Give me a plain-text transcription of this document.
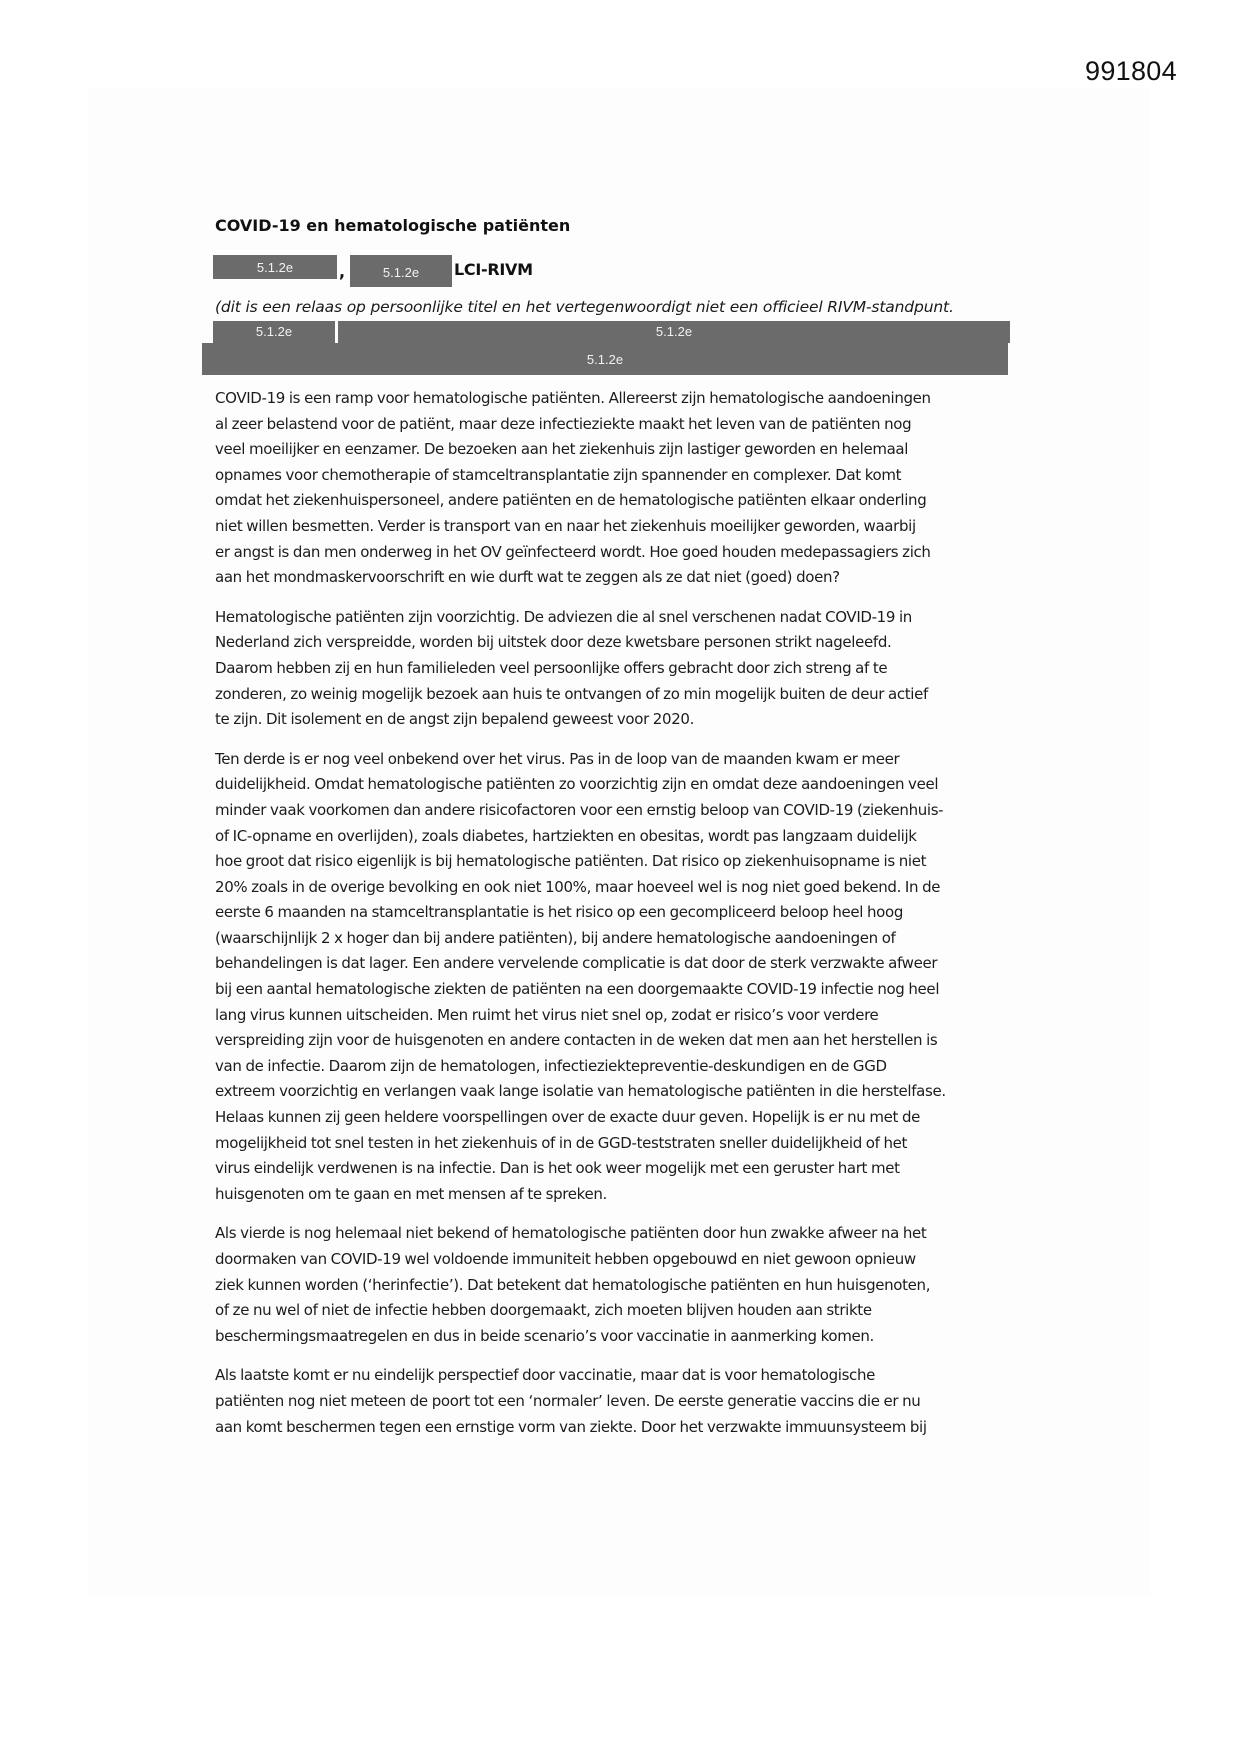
991804
COVID-19 en hematologische patiënten
5.1.2e	,	5.1.2e	LCI-RIVM
(dit is een relaas op persoonlijke titel en het vertegenwoordigt niet een officieel RIVM-standpunt.
5.1.2e	5.1.2e
5.1.2e

COVID-19 is een ramp voor hematologische patiënten. Allereerst zijn hematologische aandoeningen
al zeer belastend voor de patiënt, maar deze infectieziekte maakt het leven van de patiënten nog
veel moeilijker en eenzamer. De bezoeken aan het ziekenhuis zijn lastiger geworden en helemaal
opnames voor chemotherapie of stamceltransplantatie zijn spannender en complexer. Dat komt
omdat het ziekenhuispersoneel, andere patiënten en de hematologische patiënten elkaar onderling
niet willen besmetten. Verder is transport van en naar het ziekenhuis moeilijker geworden, waarbij
er angst is dan men onderweg in het OV geïnfecteerd wordt. Hoe goed houden medepassagiers zich
aan het mondmaskervoorschrift en wie durft wat te zeggen als ze dat niet (goed) doen?

Hematologische patiënten zijn voorzichtig. De adviezen die al snel verschenen nadat COVID-19 in
Nederland zich verspreidde, worden bij uitstek door deze kwetsbare personen strikt nageleefd.
Daarom hebben zij en hun familieleden veel persoonlijke offers gebracht door zich streng af te
zonderen, zo weinig mogelijk bezoek aan huis te ontvangen of zo min mogelijk buiten de deur actief
te zijn. Dit isolement en de angst zijn bepalend geweest voor 2020.

Ten derde is er nog veel onbekend over het virus. Pas in de loop van de maanden kwam er meer
duidelijkheid. Omdat hematologische patiënten zo voorzichtig zijn en omdat deze aandoeningen veel
minder vaak voorkomen dan andere risicofactoren voor een ernstig beloop van COVID-19 (ziekenhuis-
of IC-opname en overlijden), zoals diabetes, hartziekten en obesitas, wordt pas langzaam duidelijk
hoe groot dat risico eigenlijk is bij hematologische patiënten. Dat risico op ziekenhuisopname is niet
20% zoals in de overige bevolking en ook niet 100%, maar hoeveel wel is nog niet goed bekend. In de
eerste 6 maanden na stamceltransplantatie is het risico op een gecompliceerd beloop heel hoog
(waarschijnlijk 2 x hoger dan bij andere patiënten), bij andere hematologische aandoeningen of
behandelingen is dat lager. Een andere vervelende complicatie is dat door de sterk verzwakte afweer
bij een aantal hematologische ziekten de patiënten na een doorgemaakte COVID-19 infectie nog heel
lang virus kunnen uitscheiden. Men ruimt het virus niet snel op, zodat er risico’s voor verdere
verspreiding zijn voor de huisgenoten en andere contacten in de weken dat men aan het herstellen is
van de infectie. Daarom zijn de hematologen, infectieziektepreventie-deskundigen en de GGD
extreem voorzichtig en verlangen vaak lange isolatie van hematologische patiënten in die herstelfase.
Helaas kunnen zij geen heldere voorspellingen over de exacte duur geven. Hopelijk is er nu met de
mogelijkheid tot snel testen in het ziekenhuis of in de GGD-teststraten sneller duidelijkheid of het
virus eindelijk verdwenen is na infectie. Dan is het ook weer mogelijk met een geruster hart met
huisgenoten om te gaan en met mensen af te spreken.

Als vierde is nog helemaal niet bekend of hematologische patiënten door hun zwakke afweer na het
doormaken van COVID-19 wel voldoende immuniteit hebben opgebouwd en niet gewoon opnieuw
ziek kunnen worden (‘herinfectie’). Dat betekent dat hematologische patiënten en hun huisgenoten,
of ze nu wel of niet de infectie hebben doorgemaakt, zich moeten blijven houden aan strikte
beschermingsmaatregelen en dus in beide scenario’s voor vaccinatie in aanmerking komen.

Als laatste komt er nu eindelijk perspectief door vaccinatie, maar dat is voor hematologische
patiënten nog niet meteen de poort tot een ‘normaler’ leven. De eerste generatie vaccins die er nu
aan komt beschermen tegen een ernstige vorm van ziekte. Door het verzwakte immuunsysteem bij
